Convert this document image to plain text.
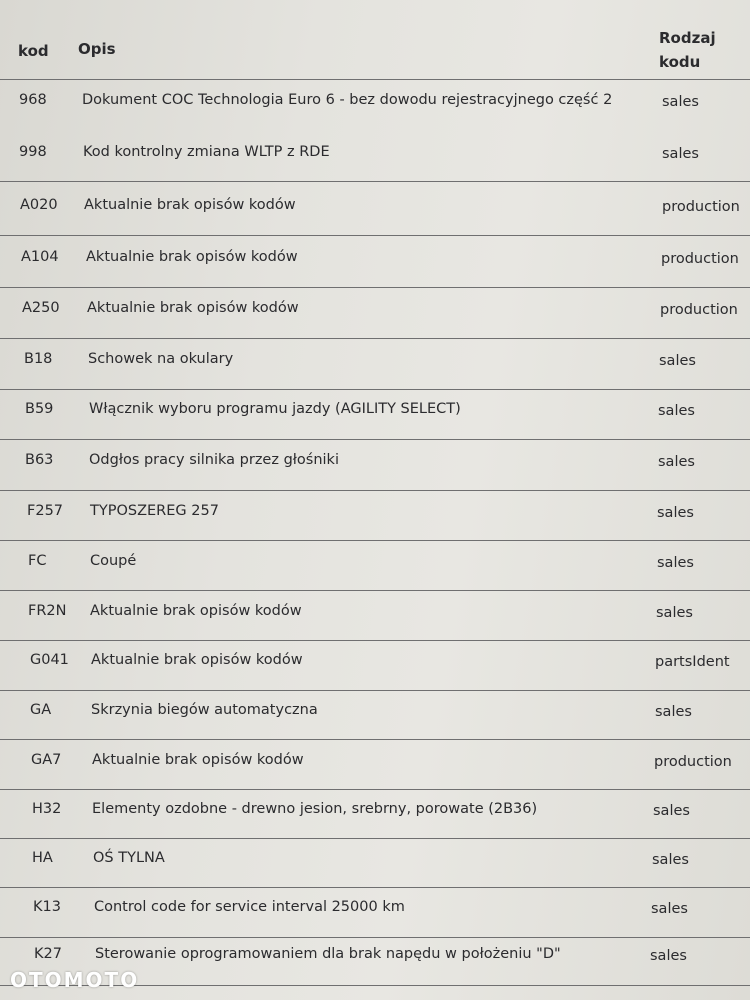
kod Opis
Rodzaj
kodu
968 Dokument COC Technologia Euro 6 - bez dowodu rejestracyjnego część 2	sales
998	Kod kontrolny zmiana WLTP z RDE	sales
A020 Aktualnie brak opisów kodów	production
A104 Aktualnie brak opisów kodów	production
A250 Aktualnie brak opisów kodów	production
B18 Schowek na okulary	sales
B59 Włącznik wyboru programu jazdy (AGILITY SELECT)	sales
B63 Odgłos pracy silnika przez głośniki	sales
F257 TYPOSZEREG 257	sales
FC	Coupé	sales
FR2N Aktualnie brak opisów kodów	sales
G041 Aktualnie brak opisów kodów	partsIdent
GA	Skrzynia biegów automatyczna	sales
GA7 Aktualnie brak opisów kodów	production
H32 Elementy ozdobne - drewno jesion, srebrny, porowate (2B36)	sales
HA	OŚ TYLNA	sales
K13 Control code for service interval 25000 km	sales
K27 Sterowanie oprogramowaniem dla brak napędu w położeniu "D"	sales
OTOMOTO
